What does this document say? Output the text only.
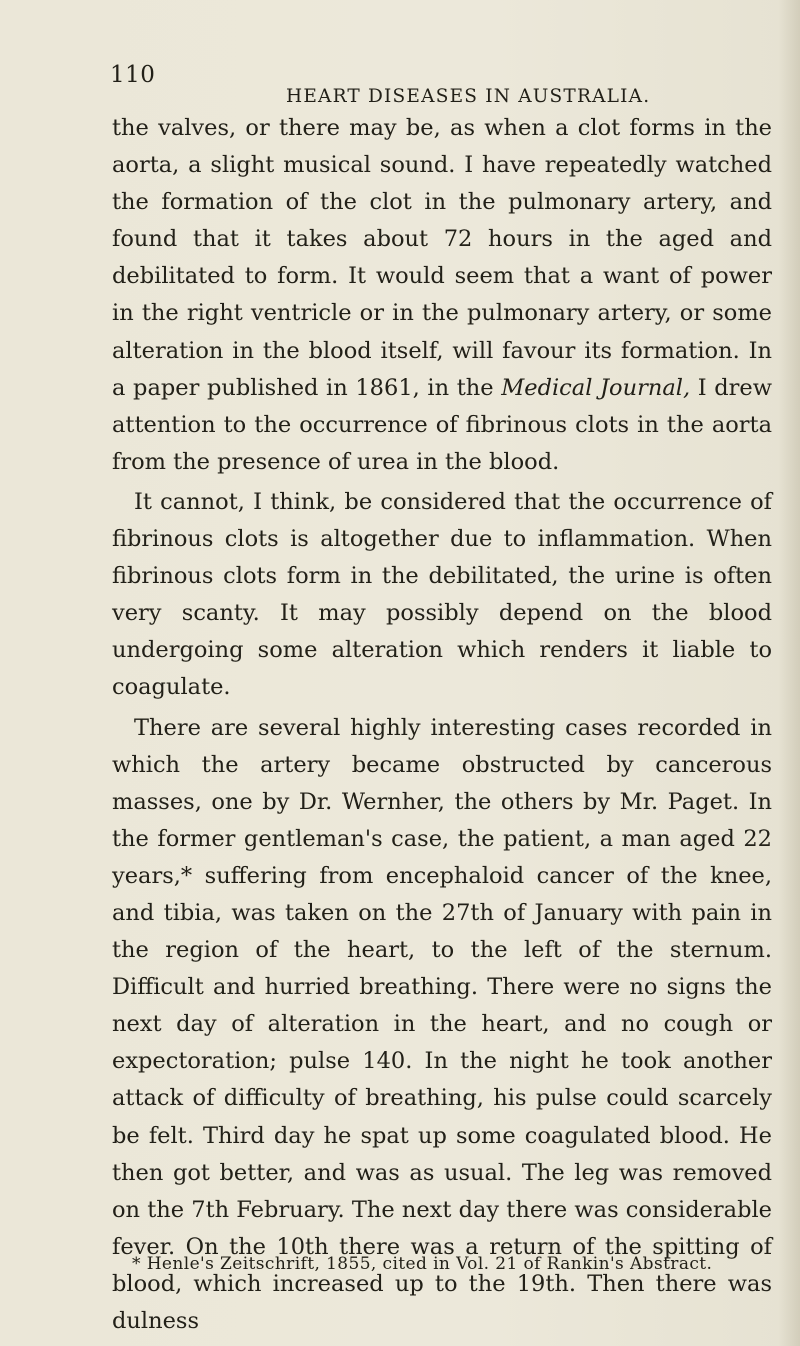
110
HEART DISEASES IN AUSTRALIA.

the valves, or there may be, as when a clot forms in the aorta, a slight musical sound. I have repeatedly watched the formation of the clot in the pulmonary artery, and found that it takes about 72 hours in the aged and debilitated to form. It would seem that a want of power in the right ventricle or in the pulmonary artery, or some alteration in the blood itself, will favour its formation. In a paper published in 1861, in the Medical Journal, I drew attention to the occurrence of fibrinous clots in the aorta from the presence of urea in the blood.

It cannot, I think, be considered that the occurrence of fibrinous clots is altogether due to inflammation. When fibrinous clots form in the debilitated, the urine is often very scanty. It may possibly depend on the blood undergoing some alteration which renders it liable to coagulate.

There are several highly interesting cases recorded in which the artery became obstructed by cancerous masses, one by Dr. Wernher, the others by Mr. Paget. In the former gentleman's case, the patient, a man aged 22 years,* suffering from encephaloid cancer of the knee, and tibia, was taken on the 27th of January with pain in the region of the heart, to the left of the sternum. Difficult and hurried breathing. There were no signs the next day of alteration in the heart, and no cough or expectoration; pulse 140. In the night he took another attack of difficulty of breathing, his pulse could scarcely be felt. Third day he spat up some coagulated blood. He then got better, and was as usual. The leg was removed on the 7th February. The next day there was considerable fever. On the 10th there was a return of the spitting of blood, which increased up to the 19th. Then there was dulness

* Henle's Zeitschrift, 1855, cited in Vol. 21 of Rankin's Abstract.
